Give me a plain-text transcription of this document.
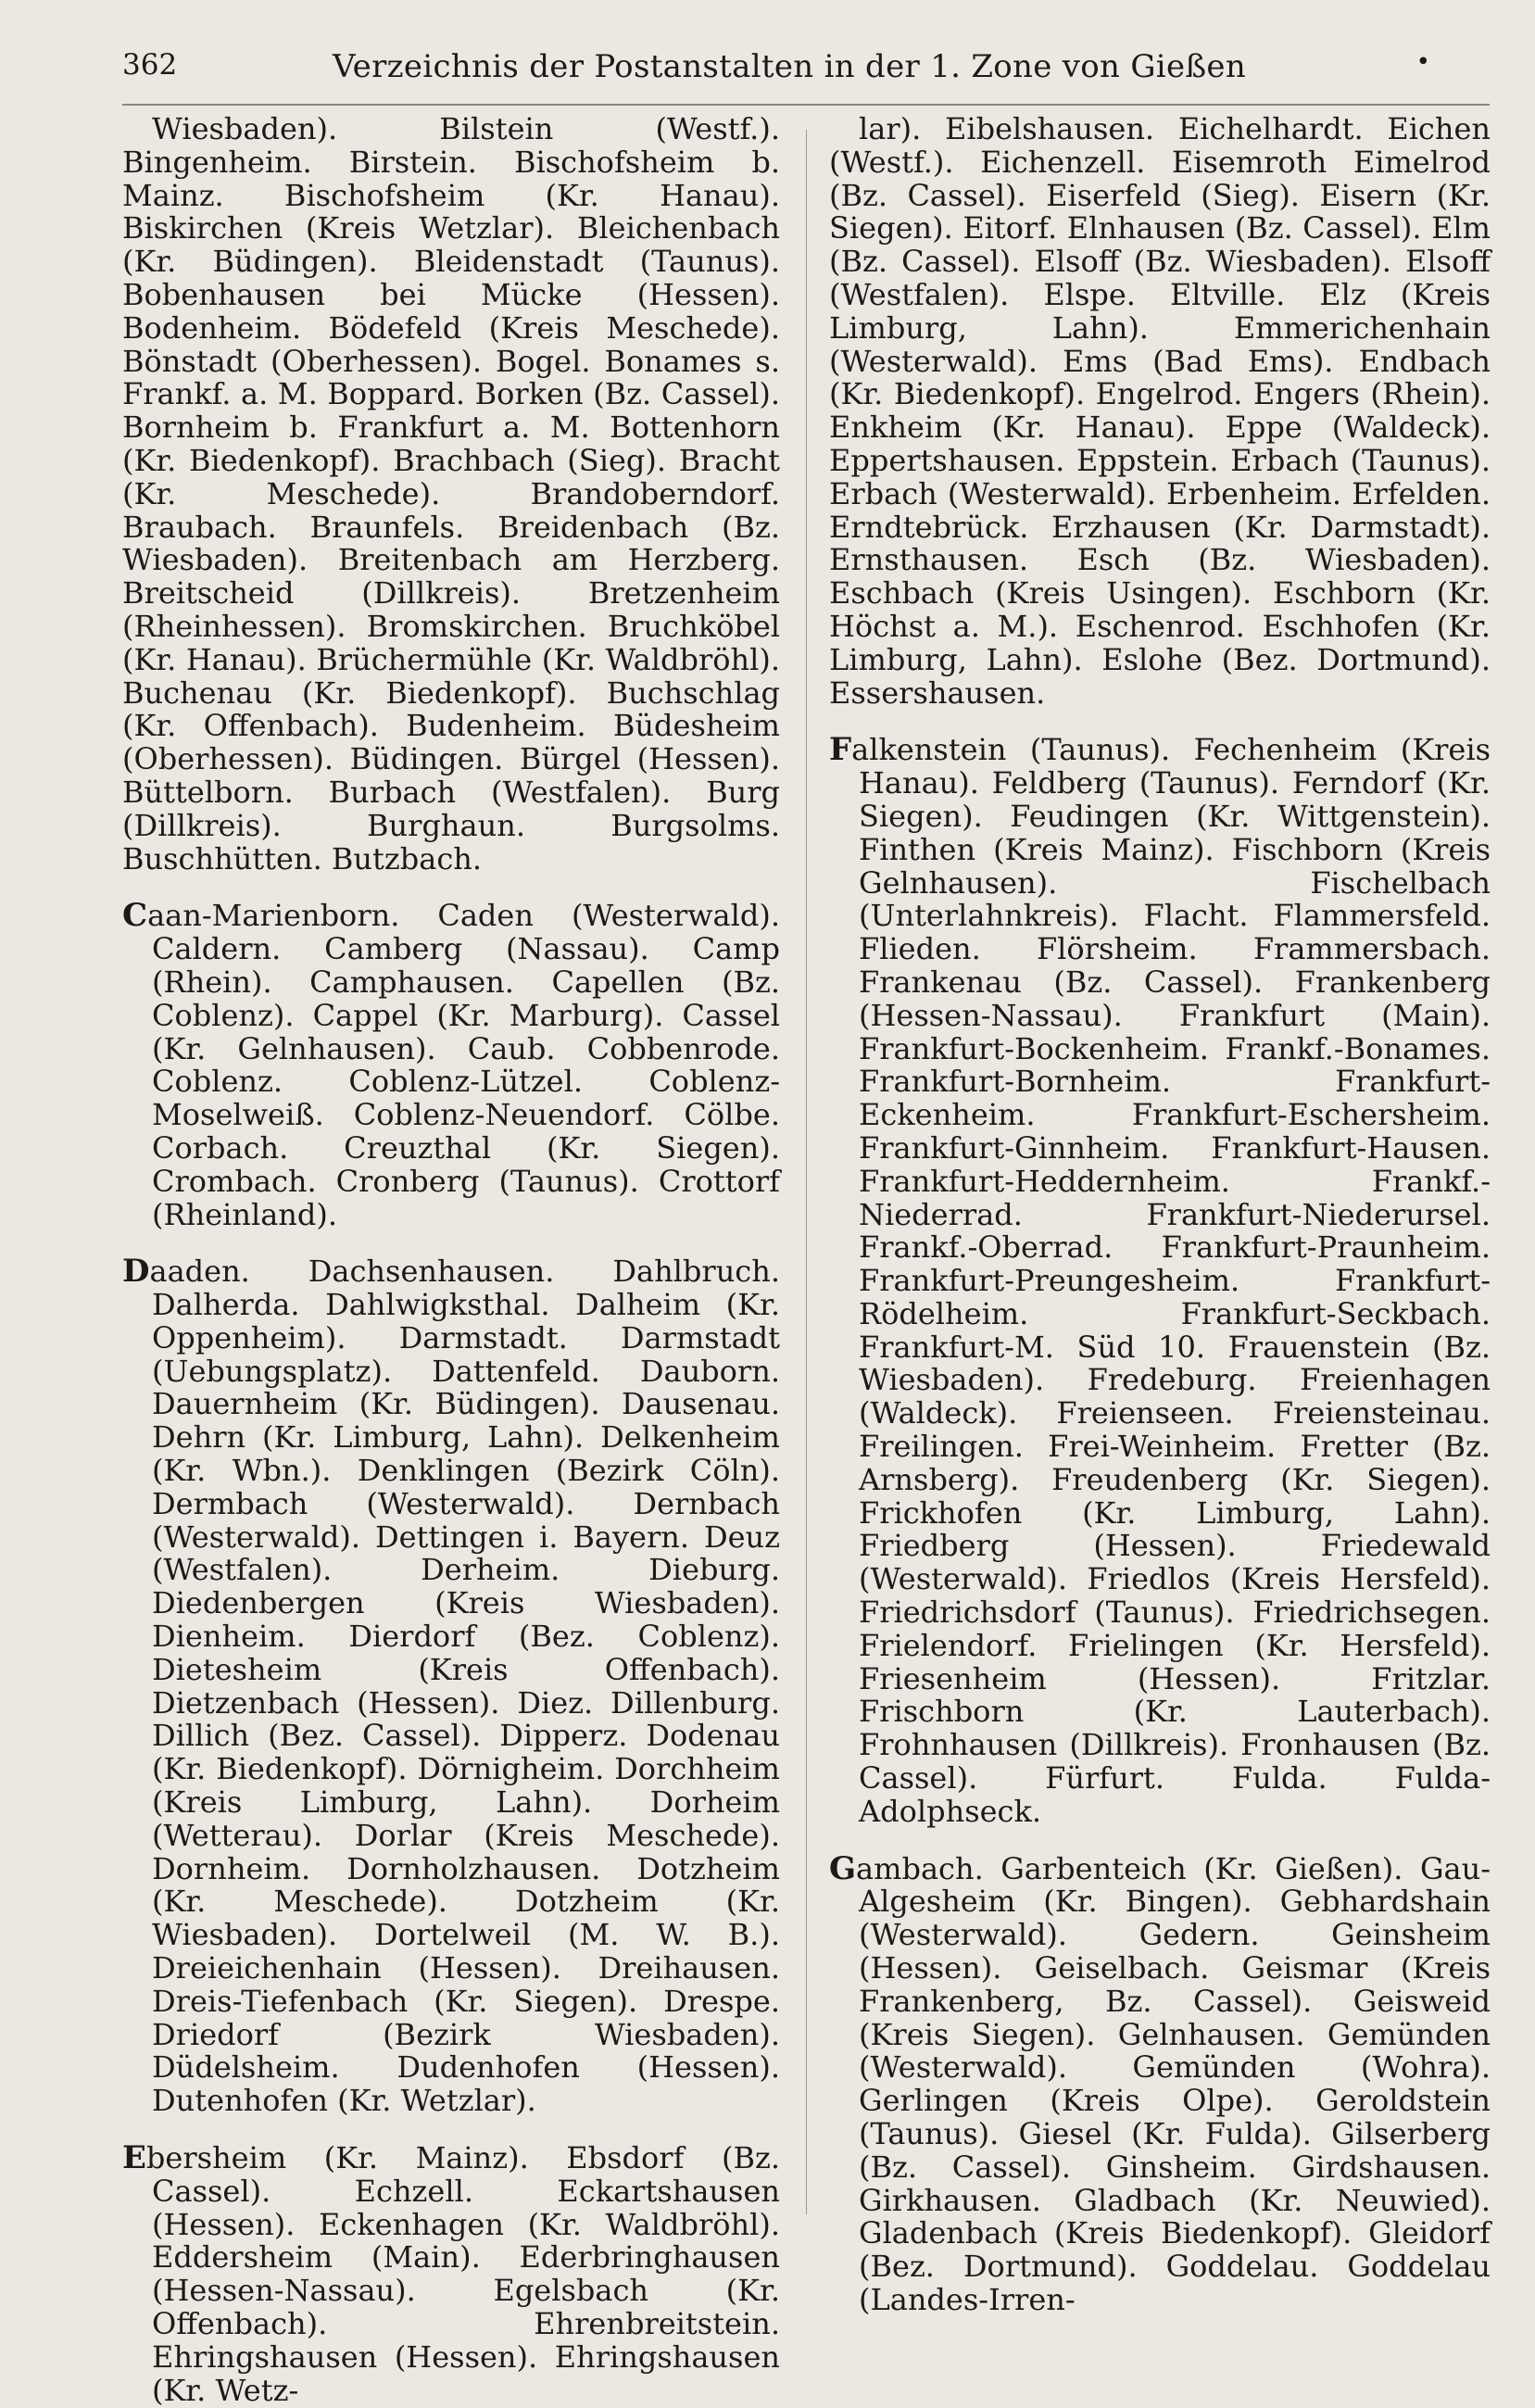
362	Verzeichnis der Postanstalten in der 1. Zone von Gießen	•

Wiesbaden). Bilstein (Westf.). Bingenheim. Birstein. Bischofsheim b. Mainz. Bischofsheim (Kr. Hanau). Biskirchen (Kreis Wetzlar). Bleichenbach (Kr. Büdingen). Bleidenstadt (Taunus). Bobenhausen bei Mücke (Hessen). Bodenheim. Bödefeld (Kreis Meschede). Bönstadt (Oberhessen). Bogel. Bonames s. Frankf. a. M. Boppard. Borken (Bz. Cassel). Bornheim b. Frankfurt a. M. Bottenhorn (Kr. Biedenkopf). Brachbach (Sieg). Bracht (Kr. Meschede). Brandoberndorf. Braubach. Braunfels. Breidenbach (Bz. Wiesbaden). Breitenbach am Herzberg. Breitscheid (Dillkreis). Bretzenheim (Rheinhessen). Bromskirchen. Bruchköbel (Kr. Hanau). Brüchermühle (Kr. Waldbröhl). Buchenau (Kr. Biedenkopf). Buchschlag (Kr. Offenbach). Budenheim. Büdesheim (Oberhessen). Büdingen. Bürgel (Hessen). Büttelborn. Burbach (Westfalen). Burg (Dillkreis). Burghaun. Burgsolms. Buschhütten. Butzbach.

Caan-Marienborn. Caden (Westerwald). Caldern. Camberg (Nassau). Camp (Rhein). Camphausen. Capellen (Bz. Coblenz). Cappel (Kr. Marburg). Cassel (Kr. Gelnhausen). Caub. Cobbenrode. Coblenz. Coblenz-Lützel. Coblenz-Moselweiß. Coblenz-Neuendorf. Cölbe. Corbach. Creuzthal (Kr. Siegen). Crombach. Cronberg (Taunus). Crottorf (Rheinland).

Daaden. Dachsenhausen. Dahlbruch. Dalherda. Dahlwigksthal. Dalheim (Kr. Oppenheim). Darmstadt. Darmstadt (Uebungsplatz). Dattenfeld. Dauborn. Dauernheim (Kr. Büdingen). Dausenau. Dehrn (Kr. Limburg, Lahn). Delkenheim (Kr. Wbn.). Denklingen (Bezirk Cöln). Dermbach (Westerwald). Dernbach (Westerwald). Dettingen i. Bayern. Deuz (Westfalen). Derheim. Dieburg. Diedenbergen (Kreis Wiesbaden). Dienheim. Dierdorf (Bez. Coblenz). Dietesheim (Kreis Offenbach). Dietzenbach (Hessen). Diez. Dillenburg. Dillich (Bez. Cassel). Dipperz. Dodenau (Kr. Biedenkopf). Dörnigheim. Dorchheim (Kreis Limburg, Lahn). Dorheim (Wetterau). Dorlar (Kreis Meschede). Dornheim. Dornholzhausen. Dotzheim (Kr. Meschede). Dotzheim (Kr. Wiesbaden). Dortelweil (M. W. B.). Dreieichenhain (Hessen). Dreihausen. Dreis-Tiefenbach (Kr. Siegen). Drespe. Driedorf (Bezirk Wiesbaden). Düdelsheim. Dudenhofen (Hessen). Dutenhofen (Kr. Wetzlar).

Ebersheim (Kr. Mainz). Ebsdorf (Bz. Cassel). Echzell. Eckartshausen (Hessen). Eckenhagen (Kr. Waldbröhl). Eddersheim (Main). Ederbringhausen (Hessen-Nassau). Egelsbach (Kr. Offenbach). Ehrenbreitstein. Ehringshausen (Hessen). Ehringshausen (Kr. Wetz-

lar). Eibelshausen. Eichelhardt. Eichen (Westf.). Eichenzell. Eisemroth Eimelrod (Bz. Cassel). Eiserfeld (Sieg). Eisern (Kr. Siegen). Eitorf. Elnhausen (Bz. Cassel). Elm (Bz. Cassel). Elsoff (Bz. Wiesbaden). Elsoff (Westfalen). Elspe. Eltville. Elz (Kreis Limburg, Lahn). Emmerichenhain (Westerwald). Ems (Bad Ems). Endbach (Kr. Biedenkopf). Engelrod. Engers (Rhein). Enkheim (Kr. Hanau). Eppe (Waldeck). Eppertshausen. Eppstein. Erbach (Taunus). Erbach (Westerwald). Erbenheim. Erfelden. Erndtebrück. Erzhausen (Kr. Darmstadt). Ernsthausen. Esch (Bz. Wiesbaden). Eschbach (Kreis Usingen). Eschborn (Kr. Höchst a. M.). Eschenrod. Eschhofen (Kr. Limburg, Lahn). Eslohe (Bez. Dortmund). Essershausen.

Falkenstein (Taunus). Fechenheim (Kreis Hanau). Feldberg (Taunus). Ferndorf (Kr. Siegen). Feudingen (Kr. Wittgenstein). Finthen (Kreis Mainz). Fischborn (Kreis Gelnhausen). Fischelbach (Unterlahnkreis). Flacht. Flammersfeld. Flieden. Flörsheim. Frammersbach. Frankenau (Bz. Cassel). Frankenberg (Hessen-Nassau). Frankfurt (Main). Frankfurt-Bockenheim. Frankf.-Bonames. Frankfurt-Bornheim. Frankfurt-Eckenheim. Frankfurt-Eschersheim. Frankfurt-Ginnheim. Frankfurt-Hausen. Frankfurt-Heddernheim. Frankf.-Niederrad. Frankfurt-Niederursel. Frankf.-Oberrad. Frankfurt-Praunheim. Frankfurt-Preungesheim. Frankfurt-Rödelheim. Frankfurt-Seckbach. Frankfurt-M. Süd 10. Frauenstein (Bz. Wiesbaden). Fredeburg. Freienhagen (Waldeck). Freienseen. Freiensteinau. Freilingen. Frei-Weinheim. Fretter (Bz. Arnsberg). Freudenberg (Kr. Siegen). Frickhofen (Kr. Limburg, Lahn). Friedberg (Hessen). Friedewald (Westerwald). Friedlos (Kreis Hersfeld). Friedrichsdorf (Taunus). Friedrichsegen. Frielendorf. Frielingen (Kr. Hersfeld). Friesenheim (Hessen). Fritzlar. Frischborn (Kr. Lauterbach). Frohnhausen (Dillkreis). Fronhausen (Bz. Cassel). Fürfurt. Fulda. Fulda-Adolphseck.

Gambach. Garbenteich (Kr. Gießen). Gau-Algesheim (Kr. Bingen). Gebhardshain (Westerwald). Gedern. Geinsheim (Hessen). Geiselbach. Geismar (Kreis Frankenberg, Bz. Cassel). Geisweid (Kreis Siegen). Gelnhausen. Gemünden (Westerwald). Gemünden (Wohra). Gerlingen (Kreis Olpe). Geroldstein (Taunus). Giesel (Kr. Fulda). Gilserberg (Bz. Cassel). Ginsheim. Girdshausen. Girkhausen. Gladbach (Kr. Neuwied). Gladenbach (Kreis Biedenkopf). Gleidorf (Bez. Dortmund). Goddelau. Goddelau (Landes-Irren-
